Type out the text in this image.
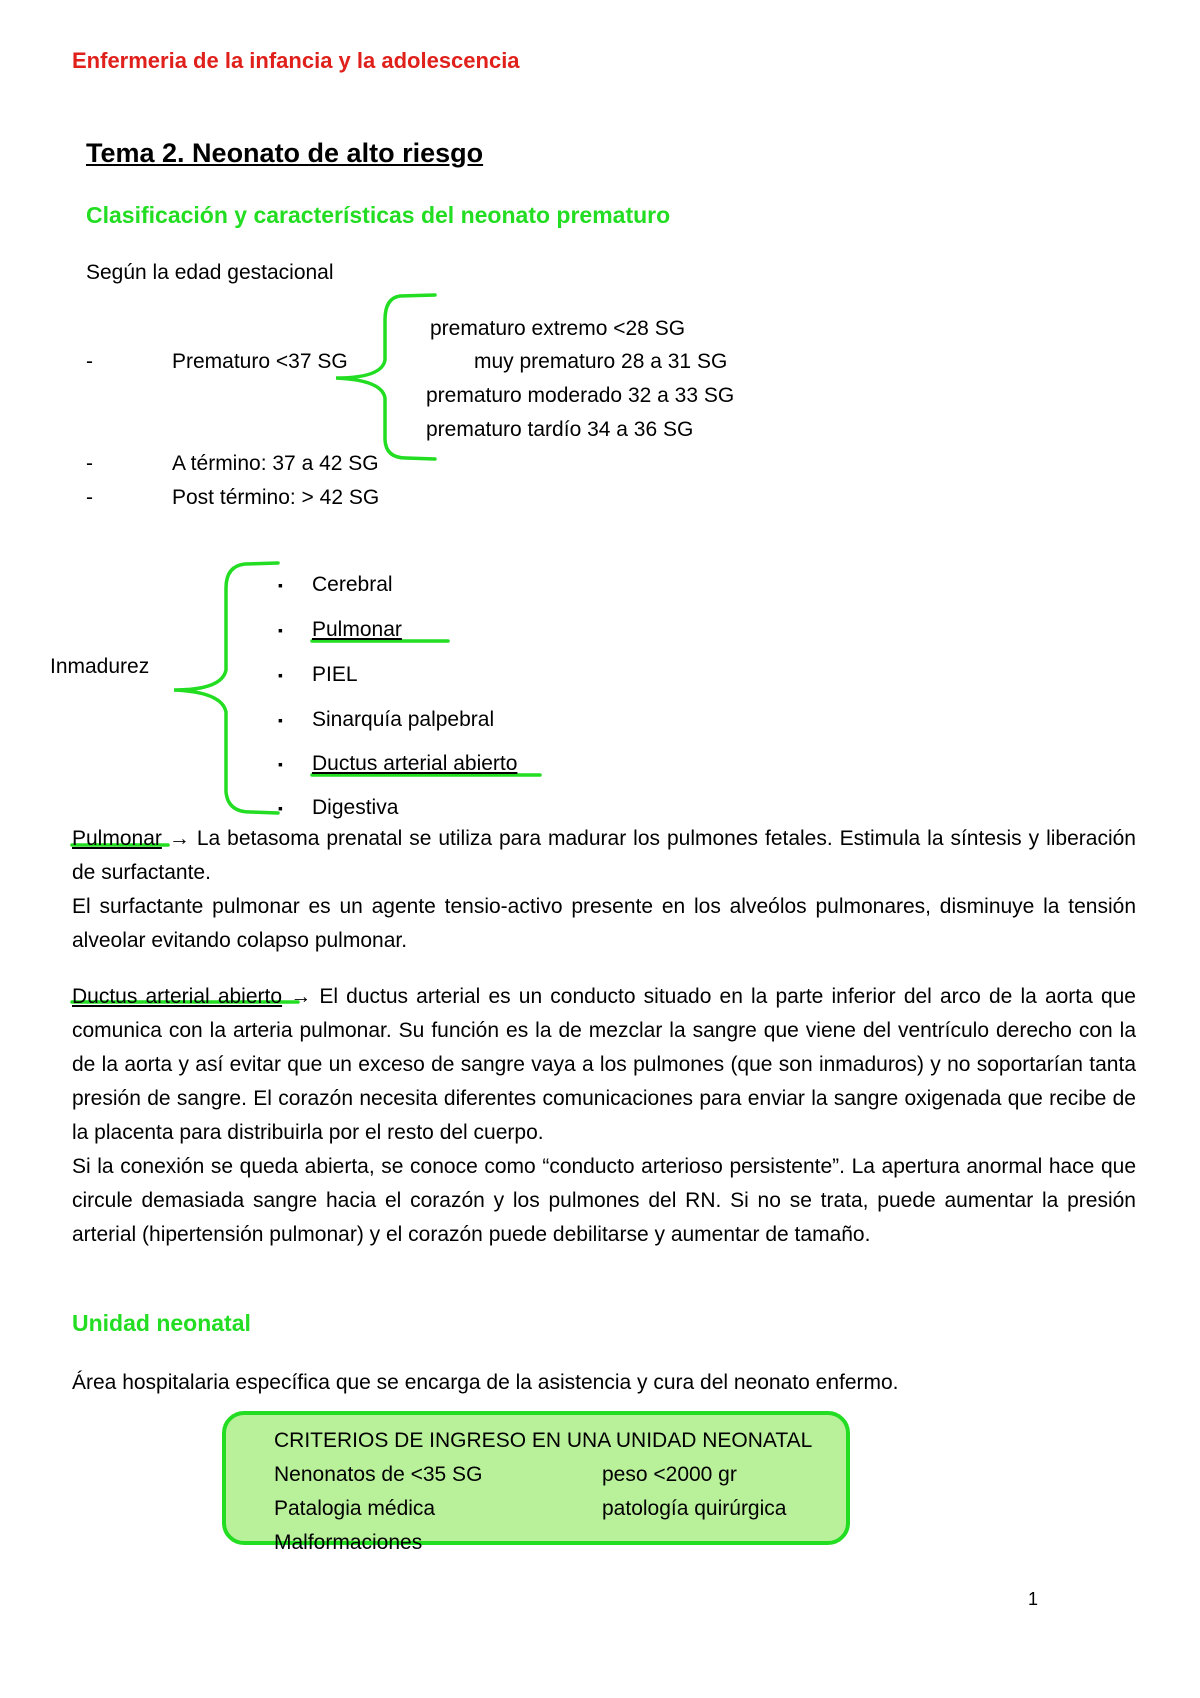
Enfermeria de la infancia y la adolescencia
Tema 2. Neonato de alto riesgo
Clasificación y características del neonato prematuro
Según la edad gestacional
-	Prematuro <37 SG
-	A término: 37 a 42 SG
-	Post término: > 42 SG
prematuro extremo <28 SG
muy prematuro 28 a 31 SG
prematuro moderado 32 a 33 SG
prematuro tardío 34 a 36 SG
Inmadurez
▪ Cerebral
▪ Pulmonar
▪ PIEL
▪ Sinarquía palpebral
▪ Ductus arterial abierto
▪ Digestiva
Pulmonar → La betasoma prenatal se utiliza para madurar los pulmones fetales. Estimula la síntesis y liberación de surfactante.
El surfactante pulmonar es un agente tensio-activo presente en los alveólos pulmonares, disminuye la tensión alveolar evitando colapso pulmonar.
Ductus arterial abierto → El ductus arterial es un conducto situado en la parte inferior del arco de la aorta que comunica con la arteria pulmonar. Su función es la de mezclar la sangre que viene del ventrículo derecho con la de la aorta y así evitar que un exceso de sangre vaya a los pulmones (que son inmaduros) y no soportarían tanta presión de sangre. El corazón necesita diferentes comunicaciones para enviar la sangre oxigenada que recibe de la placenta para distribuirla por el resto del cuerpo.
Si la conexión se queda abierta, se conoce como “conducto arterioso persistente”. La apertura anormal hace que circule demasiada sangre hacia el corazón y los pulmones del RN. Si no se trata, puede aumentar la presión arterial (hipertensión pulmonar) y el corazón puede debilitarse y aumentar de tamaño.
Unidad neonatal
Área hospitalaria específica que se encarga de la asistencia y cura del neonato enfermo.
CRITERIOS DE INGRESO EN UNA UNIDAD NEONATAL
Nenonatos de <35 SG	peso <2000 gr
Patalogia médica	patología quirúrgica
Malformaciones
1
